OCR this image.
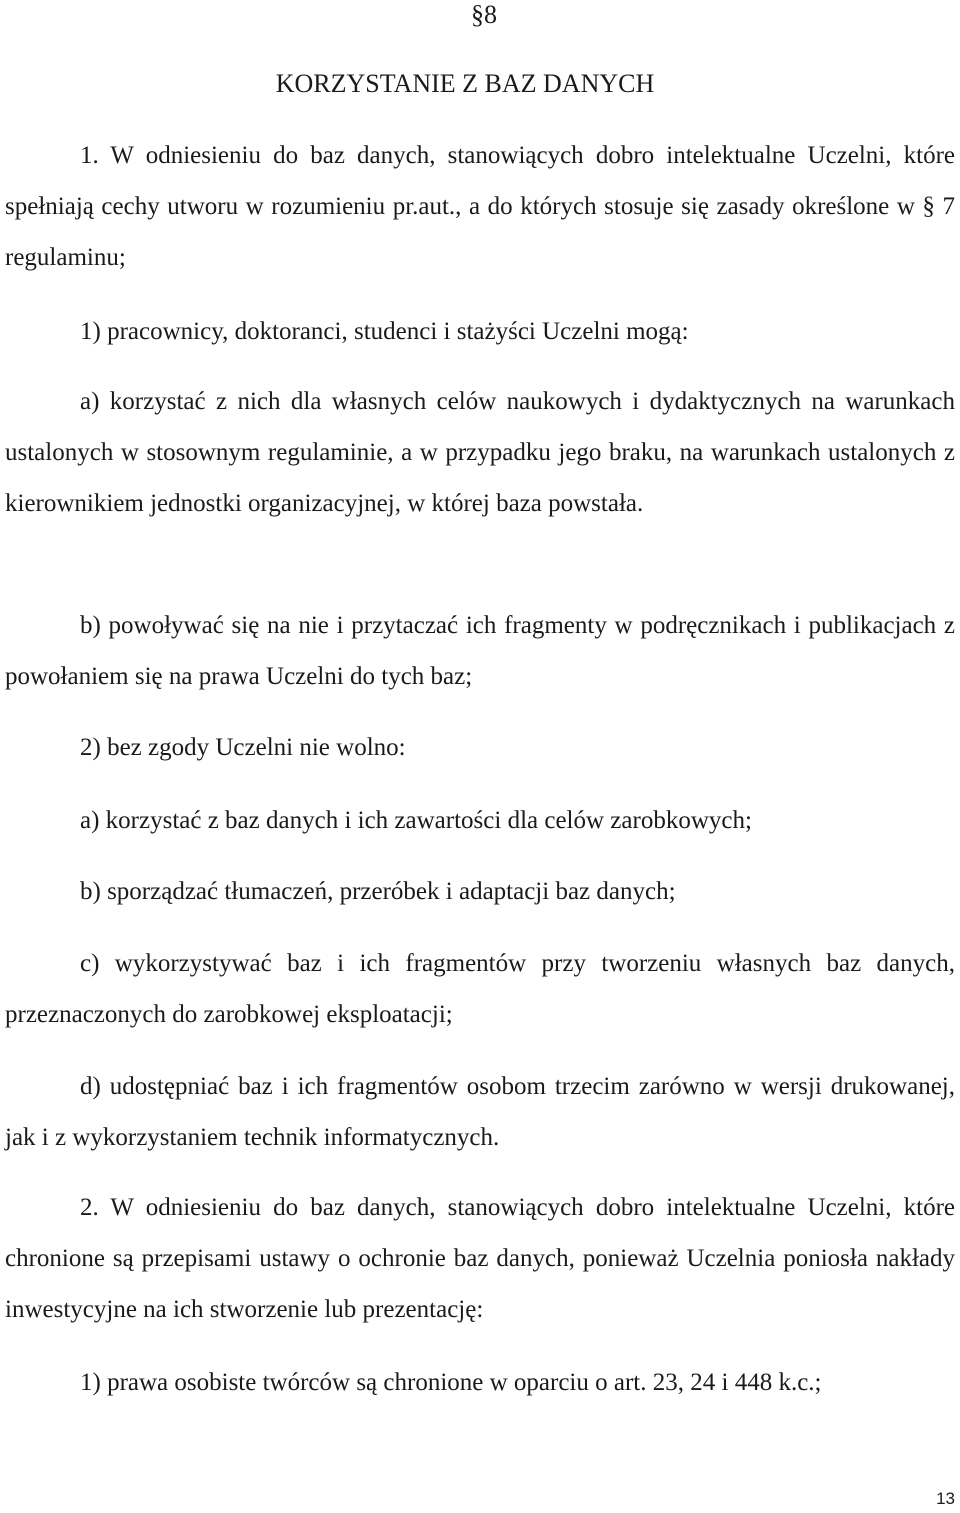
§8
KORZYSTANIE Z BAZ DANYCH

1. W odniesieniu do baz danych, stanowiących dobro intelektualne Uczelni, które spełniają cechy utworu w rozumieniu pr.aut., a do których stosuje się zasady określone w § 7 regulaminu;

1) pracownicy, doktoranci, studenci i stażyści Uczelni mogą:

a) korzystać z nich dla własnych celów naukowych i dydaktycznych na warunkach ustalonych w stosownym regulaminie, a w przypadku jego braku, na warunkach ustalonych z kierownikiem jednostki organizacyjnej, w której baza powstała.

b) powoływać się na nie i przytaczać ich fragmenty w podręcznikach i publikacjach z powołaniem się na prawa Uczelni do tych baz;

2) bez zgody Uczelni nie wolno:

a) korzystać z baz danych i ich zawartości dla celów zarobkowych;

b) sporządzać tłumaczeń, przeróbek i adaptacji baz danych;

c) wykorzystywać baz i ich fragmentów przy tworzeniu własnych baz danych, przeznaczonych do zarobkowej eksploatacji;

d) udostępniać baz i ich fragmentów osobom trzecim zarówno w wersji drukowanej, jak i z wykorzystaniem technik informatycznych.

2. W odniesieniu do baz danych, stanowiących dobro intelektualne Uczelni, które chronione są przepisami ustawy o ochronie baz danych, ponieważ Uczelnia poniosła nakłady inwestycyjne na ich stworzenie lub prezentację:

1) prawa osobiste twórców są chronione w oparciu o art. 23, 24 i 448 k.c.;

13
